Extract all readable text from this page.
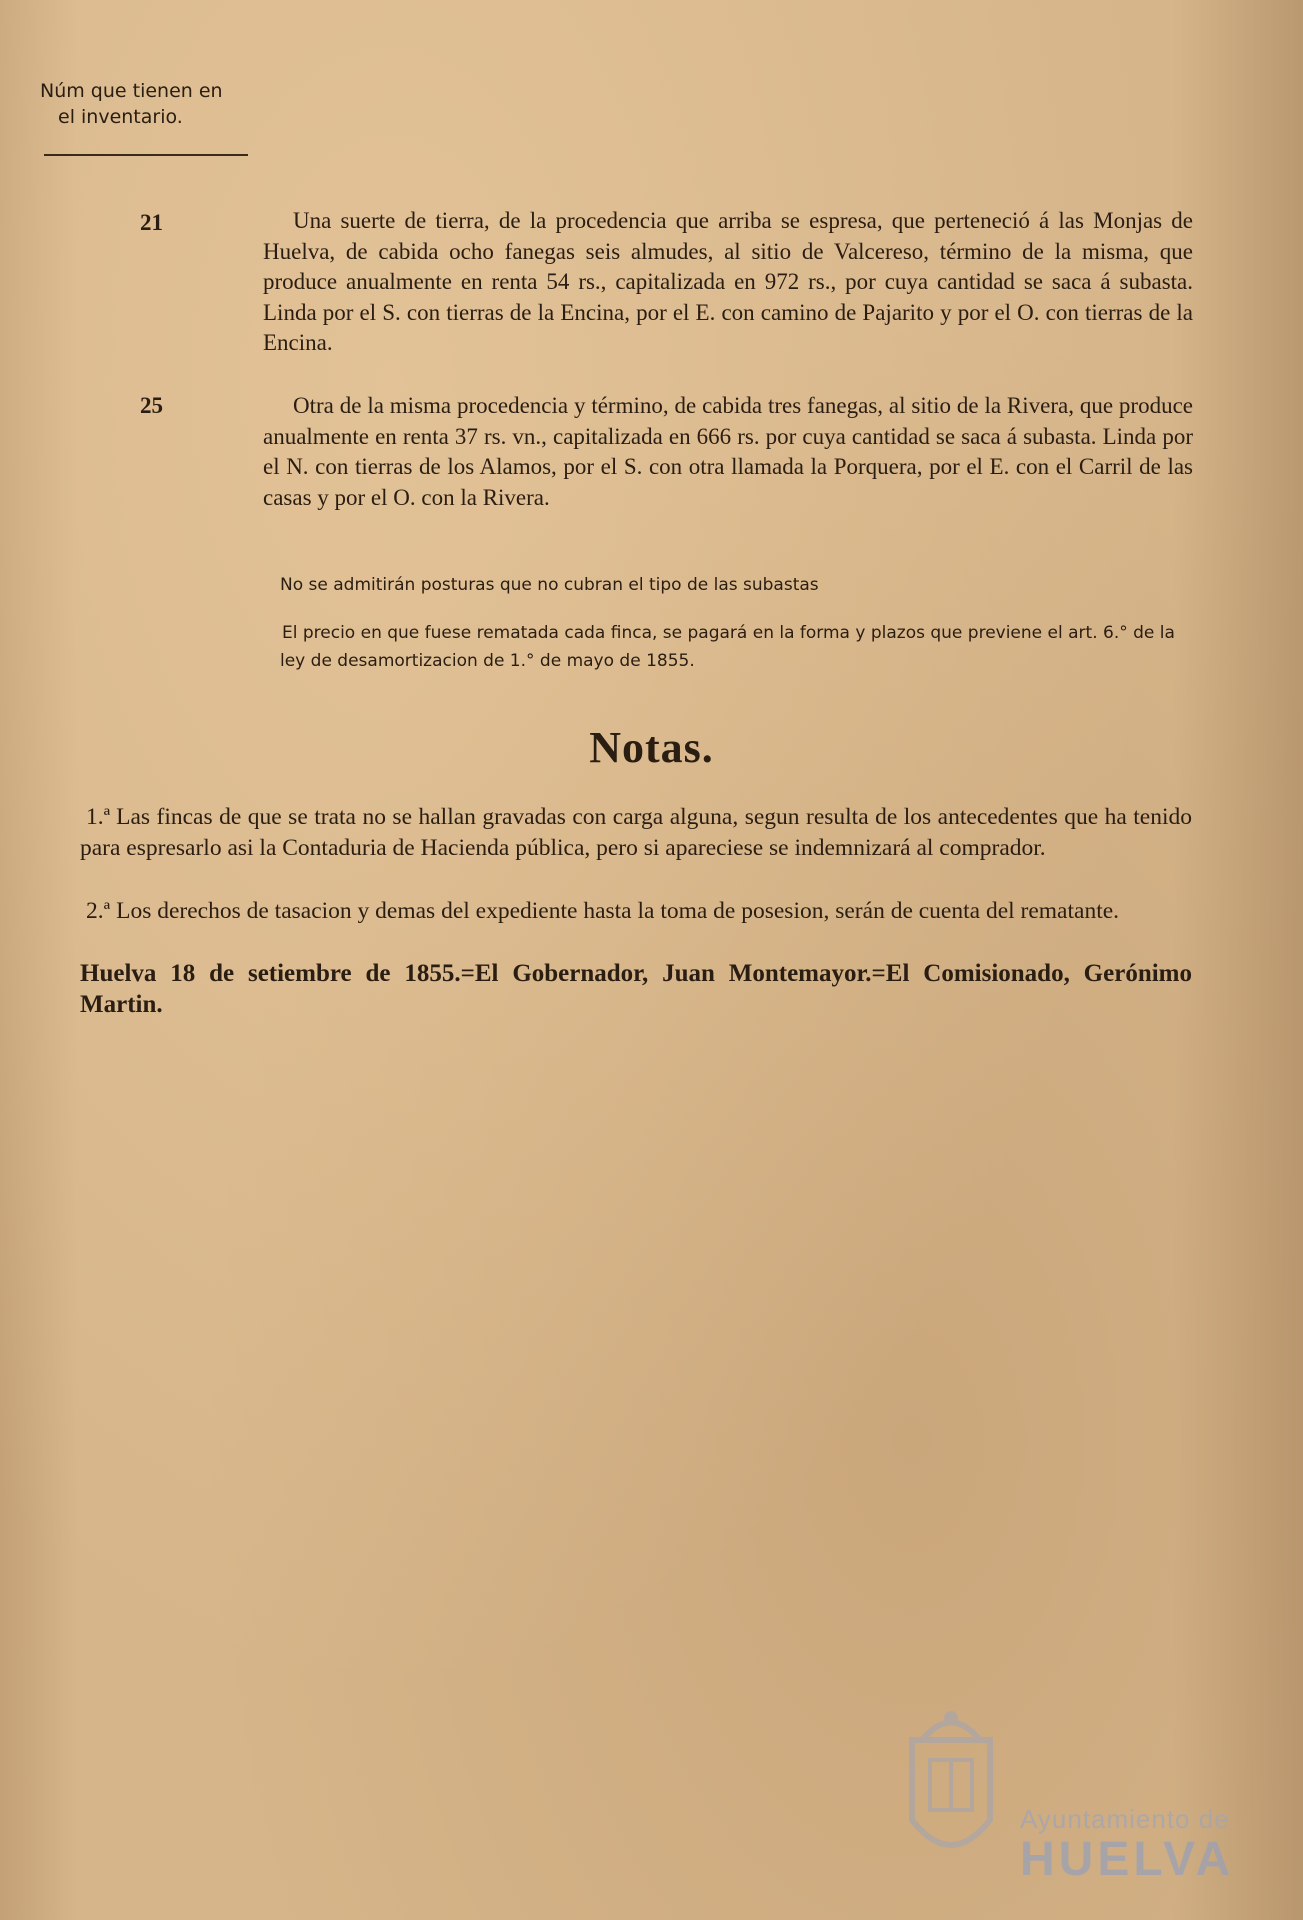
Núm que tienen en
el inventario.
21	Una suerte de tierra, de la procedencia que arriba se espresa, que perteneció á las Monjas de Huelva, de cabida ocho fanegas seis almudes, al sitio de Valcereso, término de la misma, que produce anualmente en renta 54 rs., capitalizada en 972 rs., por cuya cantidad se saca á subasta. Linda por el S. con tierras de la Encina, por el E. con camino de Pajarito y por el O. con tierras de la Encina.
25	Otra de la misma procedencia y término, de cabida tres fanegas, al sitio de la Rivera, que produce anualmente en renta 37 rs. vn., capitalizada en 666 rs. por cuya cantidad se saca á subasta. Linda por el N. con tierras de los Alamos, por el S. con otra llamada la Porquera, por el E. con el Carril de las casas y por el O. con la Rivera.
No se admitirán posturas que no cubran el tipo de las subastas
El precio en que fuese rematada cada finca, se pagará en la forma y plazos que previene el art. 6.° de la ley de desamortizacion de 1.° de mayo de 1855.
Notas.
1.ª Las fincas de que se trata no se hallan gravadas con carga alguna, segun resulta de los antecedentes que ha tenido para espresarlo asi la Contaduria de Hacienda pública, pero si apareciese se indemnizará al comprador.
2.ª Los derechos de tasacion y demas del expediente hasta la toma de posesion, serán de cuenta del rematante.
Huelva 18 de setiembre de 1855.=El Gobernador, Juan Montemayor.=El Comisionado, Gerónimo Martin.
Ayuntamiento de
HUELVA
